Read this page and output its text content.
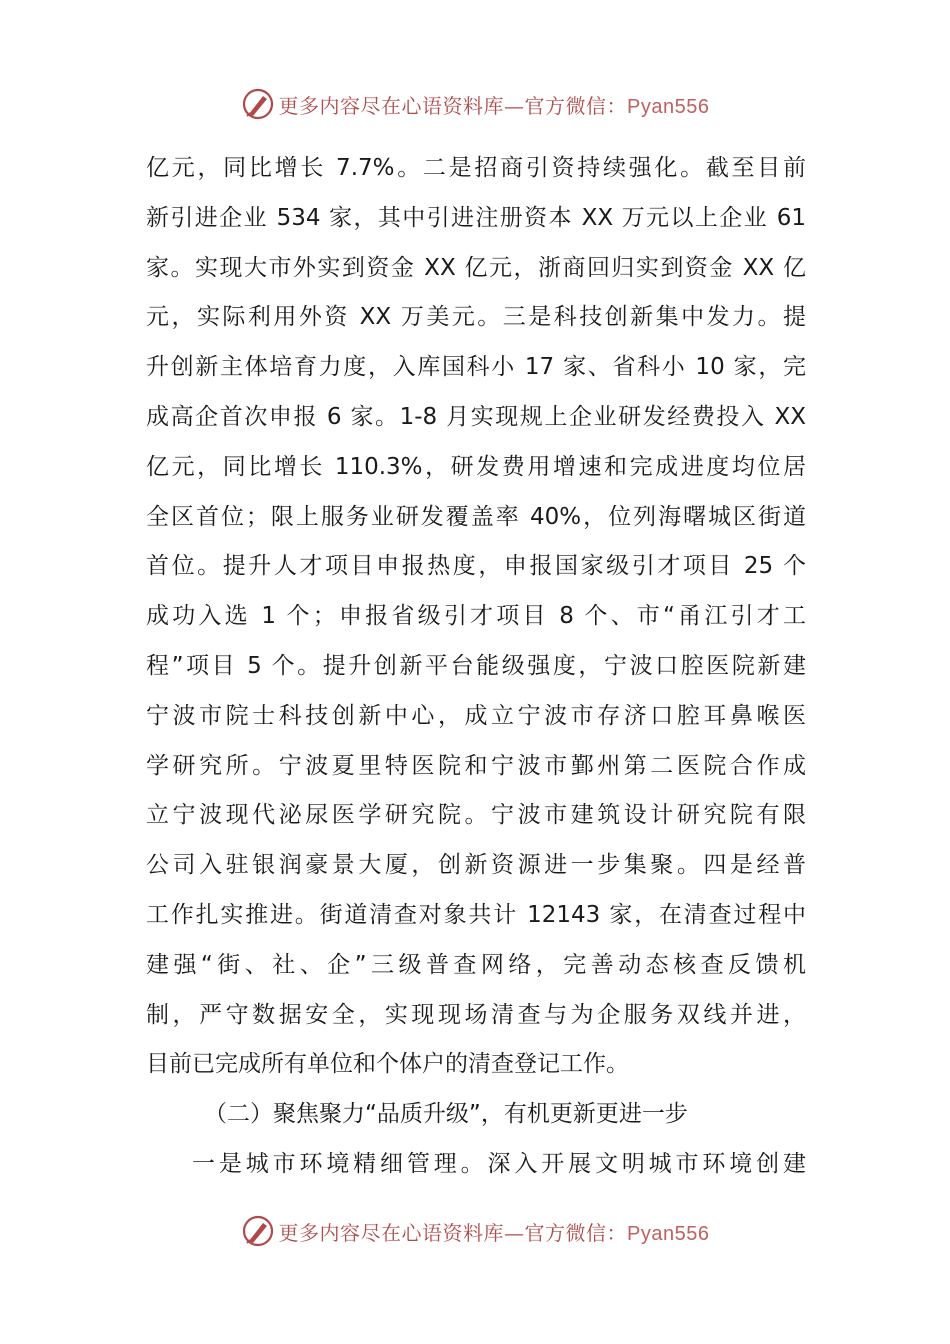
更多内容尽在心语资料库—官方微信：Pyan556
亿元，同比增长 7.7%。二是招商引资持续强化。截至目前
新引进企业 534 家，其中引进注册资本 XX 万元以上企业 61
家。实现大市外实到资金 XX 亿元，浙商回归实到资金 XX 亿
元，实际利用外资 XX 万美元。三是科技创新集中发力。提
升创新主体培育力度，入库国科小 17 家、省科小 10 家，完
成高企首次申报 6 家。1-8 月实现规上企业研发经费投入 XX
亿元，同比增长 110.3%，研发费用增速和完成进度均位居
全区首位；限上服务业研发覆盖率 40%，位列海曙城区街道
首位。提升人才项目申报热度，申报国家级引才项目 25 个
成功入选 1 个；申报省级引才项目 8 个、市“甬江引才工
程”项目 5 个。提升创新平台能级强度，宁波口腔医院新建
宁波市院士科技创新中心，成立宁波市存济口腔耳鼻喉医
学研究所。宁波夏里特医院和宁波市鄞州第二医院合作成
立宁波现代泌尿医学研究院。宁波市建筑设计研究院有限
公司入驻银润豪景大厦，创新资源进一步集聚。四是经普
工作扎实推进。街道清查对象共计 12143 家，在清查过程中
建强“街、社、企”三级普查网络，完善动态核查反馈机
制，严守数据安全，实现现场清查与为企服务双线并进，
目前已完成所有单位和个体户的清查登记工作。
（二）聚焦聚力“品质升级”，有机更新更进一步
一是城市环境精细管理。深入开展文明城市环境创建
更多内容尽在心语资料库—官方微信：Pyan556
